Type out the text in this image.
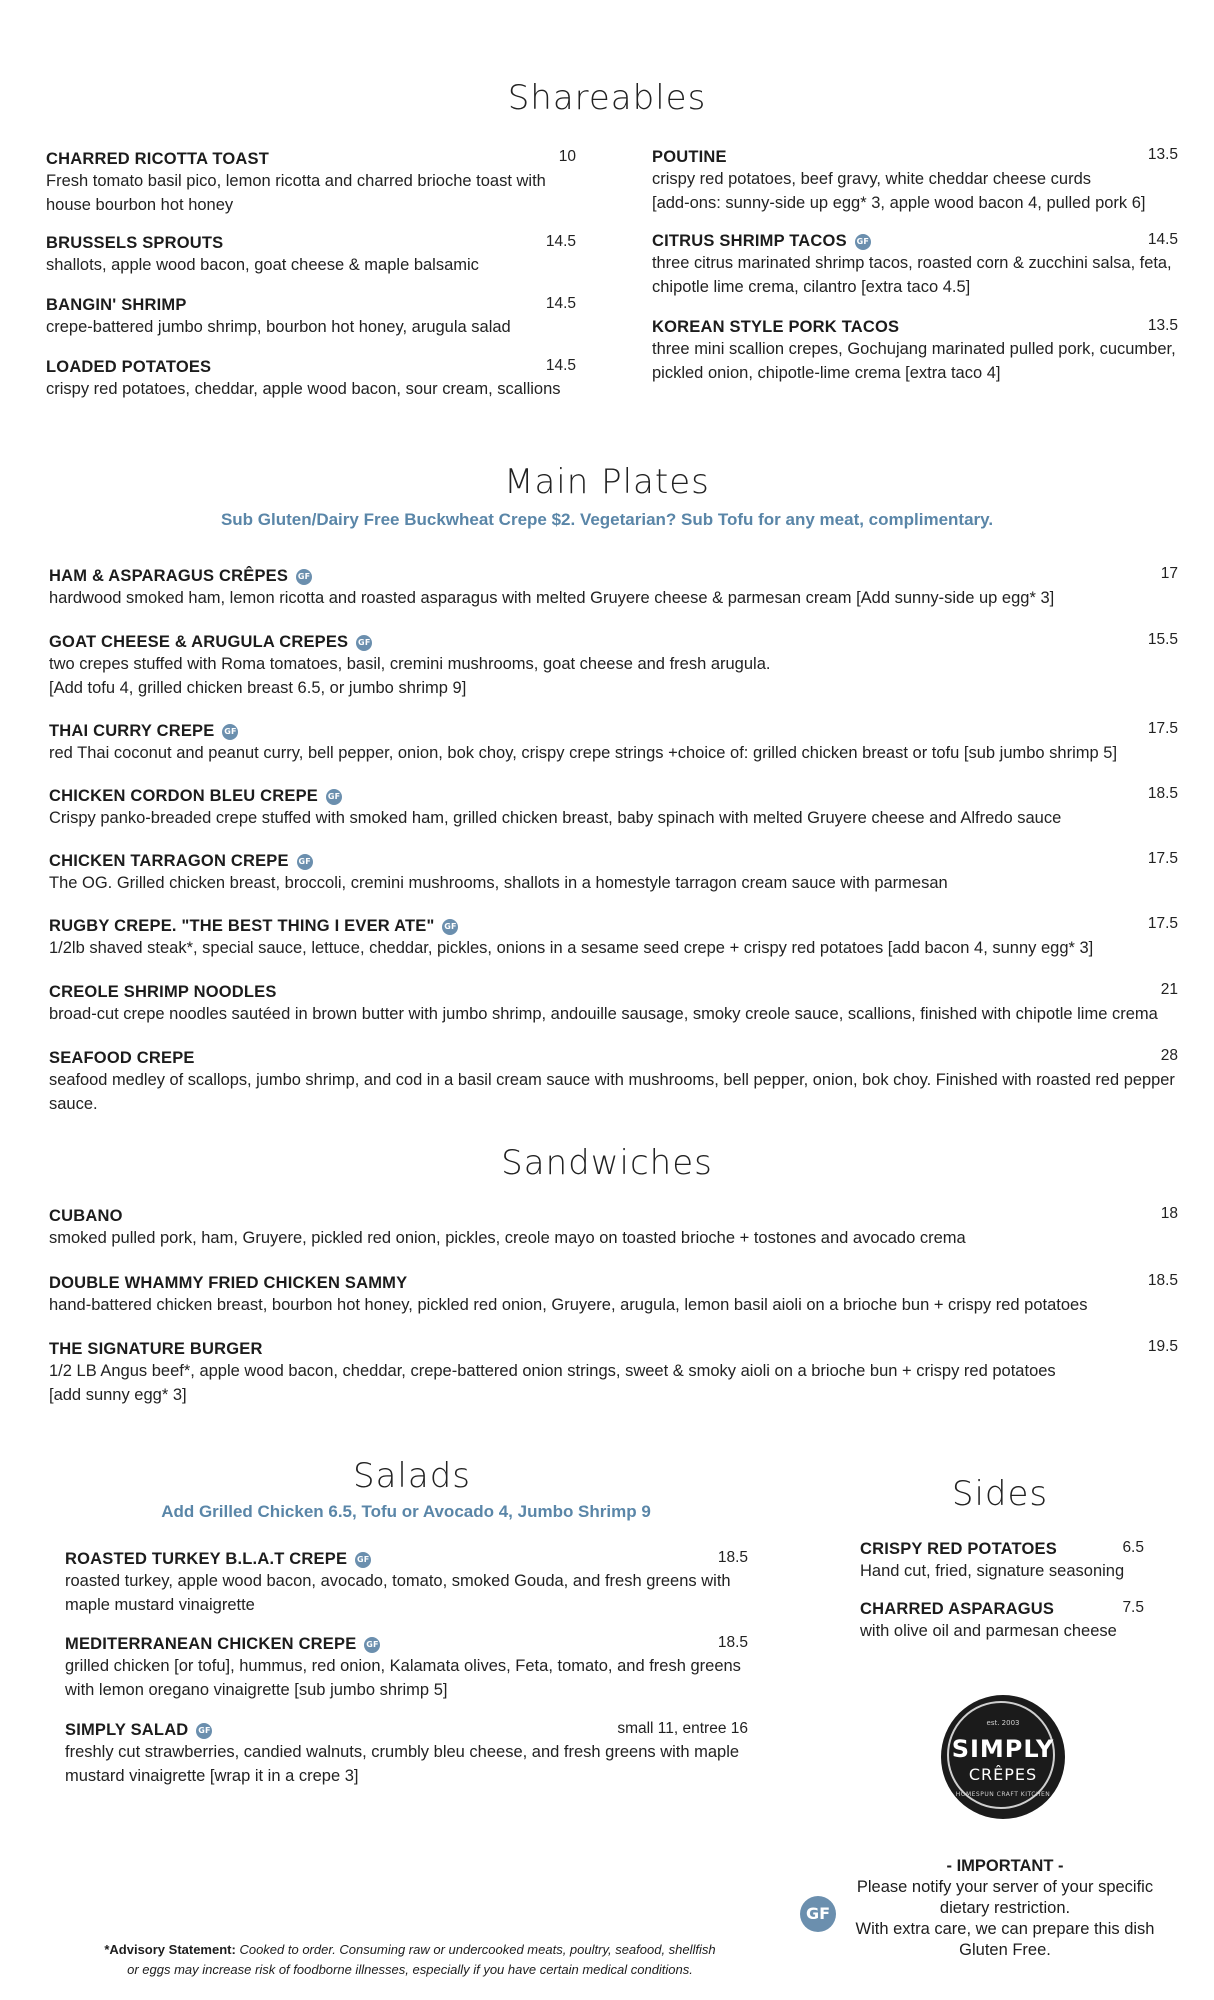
Shareables
CHARRED RICOTTA TOAST
Fresh tomato basil pico, lemon ricotta and charred brioche toast with
house bourbon hot honey
10
BRUSSELS SPROUTS
shallots, apple wood bacon, goat cheese & maple balsamic
14.5
BANGIN' SHRIMP
crepe-battered jumbo shrimp, bourbon hot honey, arugula salad
14.5
LOADED POTATOES
crispy red potatoes, cheddar, apple wood bacon, sour cream, scallions
14.5
POUTINE
crispy red potatoes, beef gravy, white cheddar cheese curds
[add-ons: sunny-side up egg* 3, apple wood bacon 4, pulled pork 6]
13.5
CITRUS SHRIMP TACOS GF
three citrus marinated shrimp tacos, roasted corn & zucchini salsa, feta,
chipotle lime crema, cilantro [extra taco 4.5]
14.5
KOREAN STYLE PORK TACOS
three mini scallion crepes, Gochujang marinated pulled pork, cucumber,
pickled onion, chipotle-lime crema [extra taco 4]
13.5
Main Plates
Sub Gluten/Dairy Free Buckwheat Crepe $2. Vegetarian? Sub Tofu for any meat, complimentary.
HAM & ASPARAGUS CRÊPES GF
hardwood smoked ham, lemon ricotta and roasted asparagus with melted Gruyere cheese & parmesan cream [Add sunny-side up egg* 3]
17
GOAT CHEESE & ARUGULA CREPES GF
two crepes stuffed with Roma tomatoes, basil, cremini mushrooms, goat cheese and fresh arugula.
[Add tofu 4, grilled chicken breast 6.5, or jumbo shrimp 9]
15.5
THAI CURRY CREPE GF
red Thai coconut and peanut curry, bell pepper, onion, bok choy, crispy crepe strings +choice of: grilled chicken breast or tofu [sub jumbo shrimp 5]
17.5
CHICKEN CORDON BLEU CREPE GF
Crispy panko-breaded crepe stuffed with smoked ham, grilled chicken breast, baby spinach with melted Gruyere cheese and Alfredo sauce
18.5
CHICKEN TARRAGON CREPE GF
The OG. Grilled chicken breast, broccoli, cremini mushrooms, shallots in a homestyle tarragon cream sauce with parmesan
17.5
RUGBY CREPE. "THE BEST THING I EVER ATE" GF
1/2lb shaved steak*, special sauce, lettuce, cheddar, pickles, onions in a sesame seed crepe + crispy red potatoes [add bacon 4, sunny egg* 3]
17.5
CREOLE SHRIMP NOODLES
broad-cut crepe noodles sautéed in brown butter with jumbo shrimp, andouille sausage, smoky creole sauce, scallions, finished with chipotle lime crema
21
SEAFOOD CREPE
seafood medley of scallops, jumbo shrimp, and cod in a basil cream sauce with mushrooms, bell pepper, onion, bok choy. Finished with roasted red pepper
sauce.
28
Sandwiches
CUBANO
smoked pulled pork, ham, Gruyere, pickled red onion, pickles, creole mayo on toasted brioche + tostones and avocado crema
18
DOUBLE WHAMMY FRIED CHICKEN SAMMY
hand-battered chicken breast, bourbon hot honey, pickled red onion, Gruyere, arugula, lemon basil aioli on a brioche bun + crispy red potatoes
18.5
THE SIGNATURE BURGER
1/2 LB Angus beef*, apple wood bacon, cheddar, crepe-battered onion strings, sweet & smoky aioli on a brioche bun + crispy red potatoes
[add sunny egg* 3]
19.5
Salads
Add Grilled Chicken 6.5, Tofu or Avocado 4, Jumbo Shrimp 9
ROASTED TURKEY B.L.A.T CREPE GF
roasted turkey, apple wood bacon, avocado, tomato, smoked Gouda, and fresh greens with
maple mustard vinaigrette
18.5
MEDITERRANEAN CHICKEN CREPE GF
grilled chicken [or tofu], hummus, red onion, Kalamata olives, Feta, tomato, and fresh greens
with lemon oregano vinaigrette [sub jumbo shrimp 5]
18.5
SIMPLY SALAD GF
freshly cut strawberries, candied walnuts, crumbly bleu cheese, and fresh greens with maple
mustard vinaigrette [wrap it in a crepe 3]
small 11, entree 16
Sides
CRISPY RED POTATOES
Hand cut, fried, signature seasoning
6.5
CHARRED ASPARAGUS
with olive oil and parmesan cheese
7.5
est. 2003
SIMPLY
CRÊPES
HOMESPUN CRAFT KITCHEN
GF
- IMPORTANT -
Please notify your server of your specific
dietary restriction.
With extra care, we can prepare this dish
Gluten Free.
*Advisory Statement: Cooked to order. Consuming raw or undercooked meats, poultry, seafood, shellfish
or eggs may increase risk of foodborne illnesses, especially if you have certain medical conditions.
